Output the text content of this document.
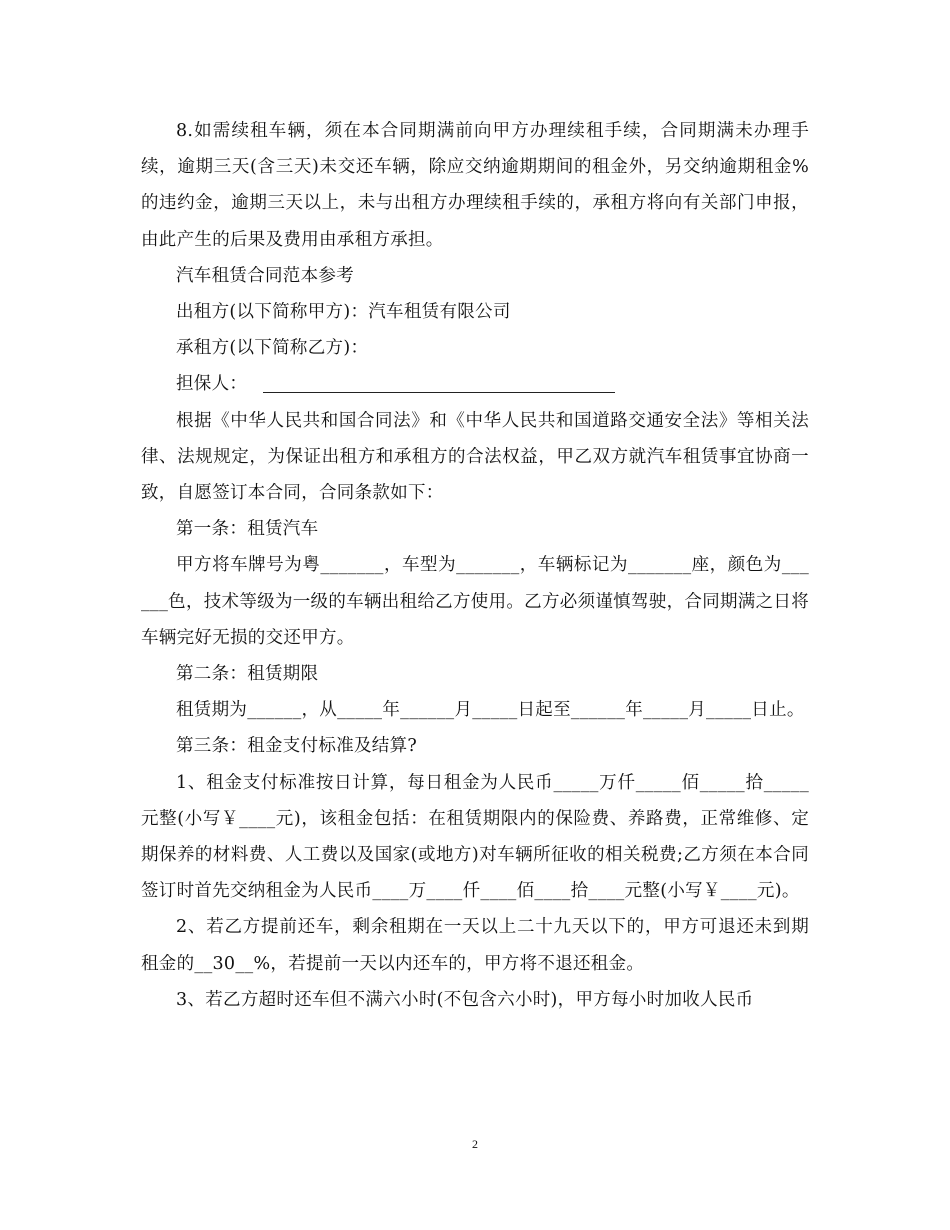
8.如需续租车辆，须在本合同期满前向甲方办理续租手续，合同期满未办理手续，逾期三天(含三天)未交还车辆，除应交纳逾期期间的租金外，另交纳逾期租金%的违约金，逾期三天以上，未与出租方办理续租手续的，承租方将向有关部门申报，由此产生的后果及费用由承租方承担。

汽车租赁合同范本参考

出租方(以下简称甲方)：汽车租赁有限公司

承租方(以下简称乙方)：

担保人：

根据《中华人民共和国合同法》和《中华人民共和国道路交通安全法》等相关法律、法规规定，为保证出租方和承租方的合法权益，甲乙双方就汽车租赁事宜协商一致，自愿签订本合同，合同条款如下：

第一条：租赁汽车

甲方将车牌号为粤_______，车型为_______，车辆标记为_______座，颜色为______色，技术等级为一级的车辆出租给乙方使用。乙方必须谨慎驾驶，合同期满之日将车辆完好无损的交还甲方。

第二条：租赁期限

租赁期为______，从_____年______月_____日起至______年_____月_____日止。

第三条：租金支付标准及结算?

1、租金支付标准按日计算，每日租金为人民币_____万仟_____佰_____拾_____元整(小写￥____元)，该租金包括：在租赁期限内的保险费、养路费，正常维修、定期保养的材料费、人工费以及国家(或地方)对车辆所征收的相关税费;乙方须在本合同签订时首先交纳租金为人民币____万____仟____佰____拾____元整(小写￥____元)。

2、若乙方提前还车，剩余租期在一天以上二十九天以下的，甲方可退还未到期租金的__30__%，若提前一天以内还车的，甲方将不退还租金。

3、若乙方超时还车但不满六小时(不包含六小时)，甲方每小时加收人民币

2
